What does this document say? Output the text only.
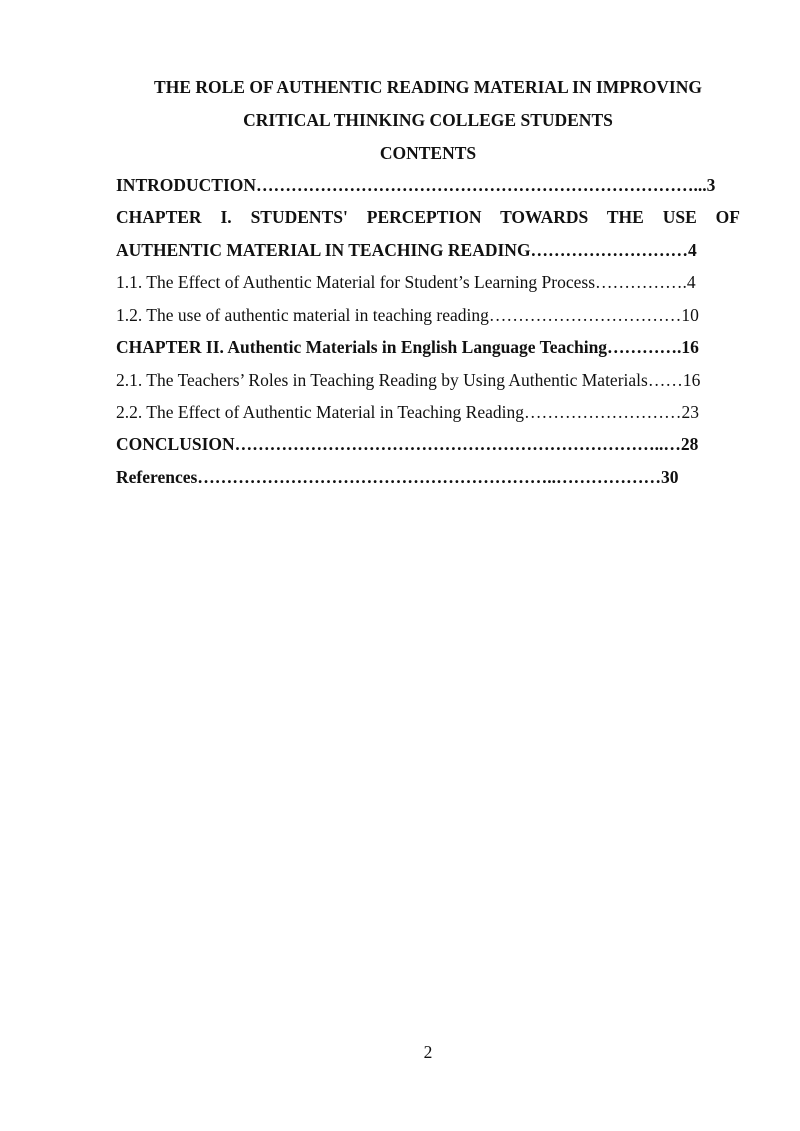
THE ROLE OF AUTHENTIC READING MATERIAL IN IMPROVING
CRITICAL THINKING COLLEGE STUDENTS
CONTENTS
INTRODUCTION…………………………………………………………………...3
CHAPTER I. STUDENTS' PERCEPTION TOWARDS THE USE OF
AUTHENTIC MATERIAL IN TEACHING READING………………………4
1.1. The Effect of Authentic Material for Student’s Learning Process…………….4
1.2. The use of authentic material in teaching reading……………………………10
CHAPTER II. Authentic Materials in English Language Teaching………….16
2.1. The Teachers’ Roles in Teaching Reading by Using Authentic Materials……16
2.2. The Effect of Authentic Material in Teaching Reading………………………23
CONCLUSION………………………………………………………………..…28
References……………………………………………………..………………30
2
